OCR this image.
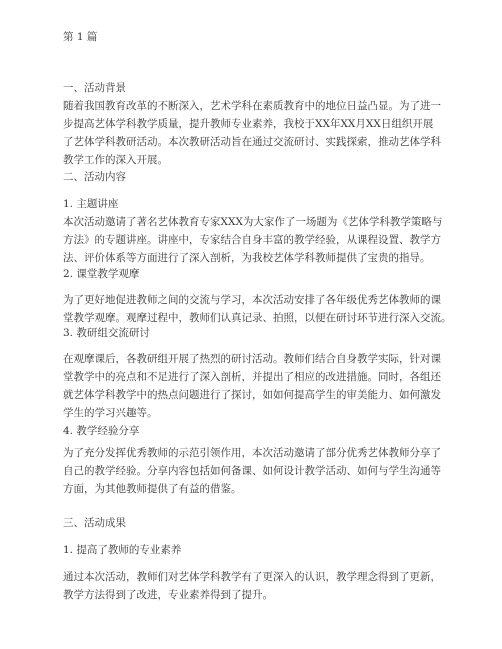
第 1 篇

一、活动背景

随着我国教育改革的不断深入，艺术学科在素质教育中的地位日益凸显。为了进一
步提高艺体学科教学质量，提升教师专业素养，我校于XX年XX月XX日组织开展
了艺体学科教研活动。本次教研活动旨在通过交流研讨、实践探索，推动艺体学科
教学工作的深入开展。

二、活动内容

1. 主题讲座

本次活动邀请了著名艺体教育专家XXX为大家作了一场题为《艺体学科教学策略与
方法》的专题讲座。讲座中，专家结合自身丰富的教学经验，从课程设置、教学方
法、评价体系等方面进行了深入剖析，为我校艺体学科教师提供了宝贵的指导。

2. 课堂教学观摩

为了更好地促进教师之间的交流与学习，本次活动安排了各年级优秀艺体教师的课
堂教学观摩。观摩过程中，教师们认真记录、拍照，以便在研讨环节进行深入交流。

3. 教研组交流研讨

在观摩课后，各教研组开展了热烈的研讨活动。教师们结合自身教学实际，针对课
堂教学中的亮点和不足进行了深入剖析，并提出了相应的改进措施。同时，各组还
就艺体学科教学中的热点问题进行了探讨，如如何提高学生的审美能力、如何激发
学生的学习兴趣等。

4. 教学经验分享

为了充分发挥优秀教师的示范引领作用，本次活动邀请了部分优秀艺体教师分享了
自己的教学经验。分享内容包括如何备课、如何设计教学活动、如何与学生沟通等
方面，为其他教师提供了有益的借鉴。

三、活动成果

1. 提高了教师的专业素养

通过本次活动，教师们对艺体学科教学有了更深入的认识，教学理念得到了更新，
教学方法得到了改进，专业素养得到了提升。
